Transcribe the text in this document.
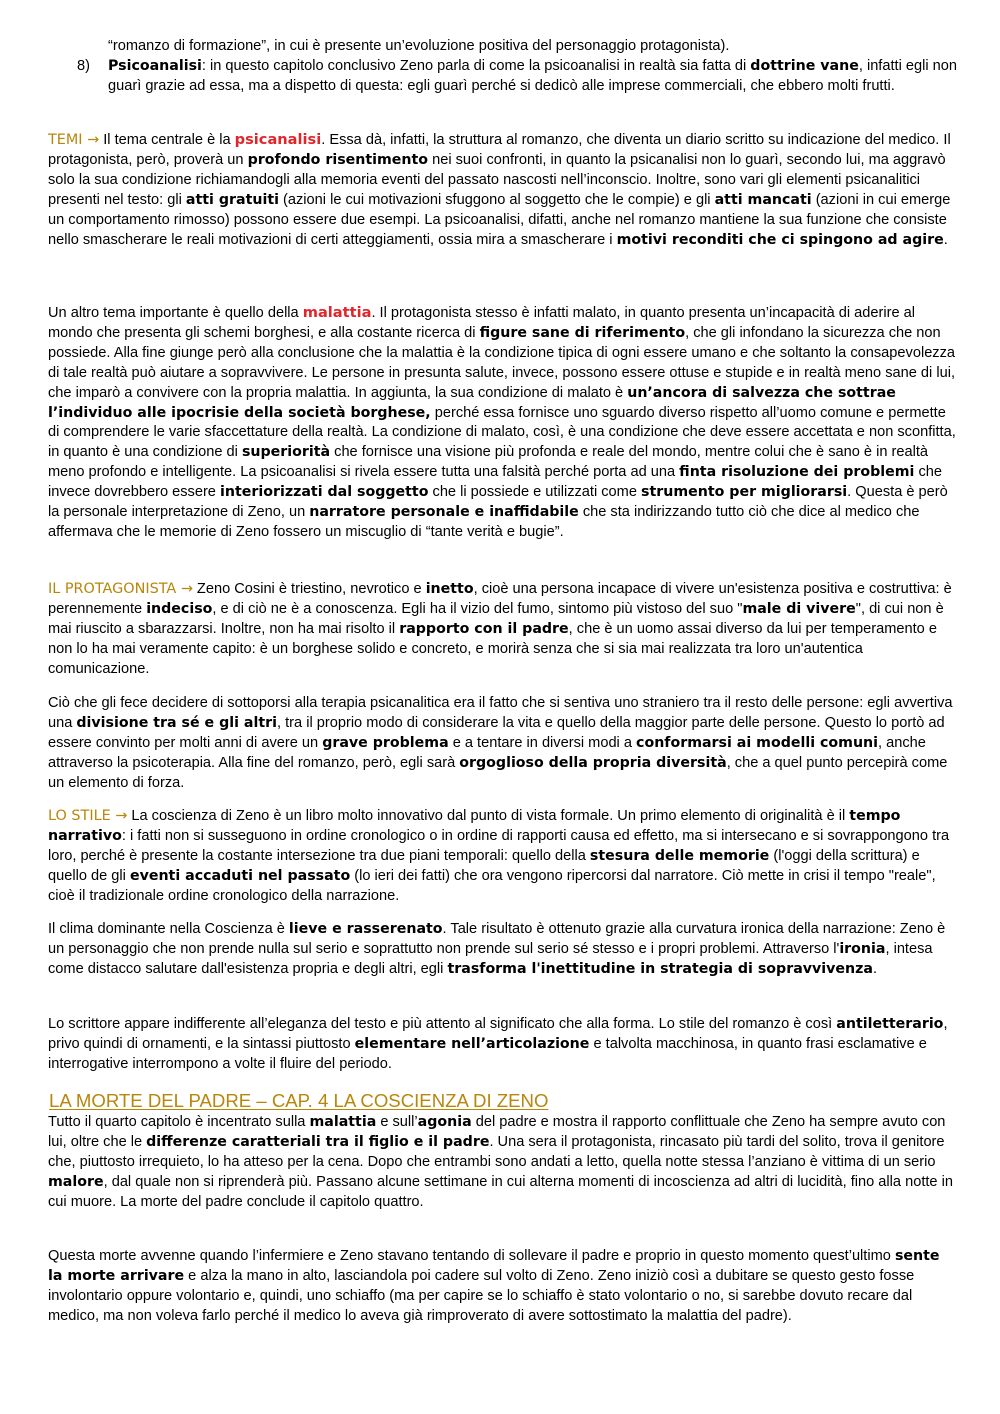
“romanzo di formazione”, in cui è presente un’evoluzione positiva del personaggio protagonista).

8) Psicoanalisi: in questo capitolo conclusivo Zeno parla di come la psicoanalisi in realtà sia fatta di dottrine vane, infatti egli non guarì grazie ad essa, ma a dispetto di questa: egli guarì perché si dedicò alle imprese commerciali, che ebbero molti frutti.

TEMI → Il tema centrale è la psicanalisi. Essa dà, infatti, la struttura al romanzo, che diventa un diario scritto su indicazione del medico. Il protagonista, però, proverà un profondo risentimento nei suoi confronti, in quanto la psicanalisi non lo guarì, secondo lui, ma aggravò solo la sua condizione richiamandogli alla memoria eventi del passato nascosti nell’inconscio. Inoltre, sono vari gli elementi psicanalitici presenti nel testo: gli atti gratuiti (azioni le cui motivazioni sfuggono al soggetto che le compie) e gli atti mancati (azioni in cui emerge un comportamento rimosso) possono essere due esempi. La psicoanalisi, difatti, anche nel romanzo mantiene la sua funzione che consiste nello smascherare le reali motivazioni di certi atteggiamenti, ossia mira a smascherare i motivi reconditi che ci spingono ad agire.

Un altro tema importante è quello della malattia. Il protagonista stesso è infatti malato, in quanto presenta un’incapacità di aderire al mondo che presenta gli schemi borghesi, e alla costante ricerca di figure sane di riferimento, che gli infondano la sicurezza che non possiede. Alla fine giunge però alla conclusione che la malattia è la condizione tipica di ogni essere umano e che soltanto la consapevolezza di tale realtà può aiutare a sopravvivere. Le persone in presunta salute, invece, possono essere ottuse e stupide e in realtà meno sane di lui, che imparò a convivere con la propria malattia. In aggiunta, la sua condizione di malato è un’ancora di salvezza che sottrae l’individuo alle ipocrisie della società borghese, perché essa fornisce uno sguardo diverso rispetto all’uomo comune e permette di comprendere le varie sfaccettature della realtà. La condizione di malato, così, è una condizione che deve essere accettata e non sconfitta, in quanto è una condizione di superiorità che fornisce una visione più profonda e reale del mondo, mentre colui che è sano è in realtà meno profondo e intelligente. La psicoanalisi si rivela essere tutta una falsità perché porta ad una finta risoluzione dei problemi che invece dovrebbero essere interiorizzati dal soggetto che li possiede e utilizzati come strumento per migliorarsi. Questa è però la personale interpretazione di Zeno, un narratore personale e inaffidabile che sta indirizzando tutto ciò che dice al medico che affermava che le memorie di Zeno fossero un miscuglio di “tante verità e bugie”.

IL PROTAGONISTA → Zeno Cosini è triestino, nevrotico e inetto, cioè una persona incapace di vivere un'esistenza positiva e costruttiva: è perennemente indeciso, e di ciò ne è a conoscenza. Egli ha il vizio del fumo, sintomo più vistoso del suo "male di vivere", di cui non è mai riuscito a sbarazzarsi. Inoltre, non ha mai risolto il rapporto con il padre, che è un uomo assai diverso da lui per temperamento e non lo ha mai veramente capito: è un borghese solido e concreto, e morirà senza che si sia mai realizzata tra loro un'autentica comunicazione.

Ciò che gli fece decidere di sottoporsi alla terapia psicanalitica era il fatto che si sentiva uno straniero tra il resto delle persone: egli avvertiva una divisione tra sé e gli altri, tra il proprio modo di considerare la vita e quello della maggior parte delle persone. Questo lo portò ad essere convinto per molti anni di avere un grave problema e a tentare in diversi modi a conformarsi ai modelli comuni, anche attraverso la psicoterapia. Alla fine del romanzo, però, egli sarà orgoglioso della propria diversità, che a quel punto percepirà come un elemento di forza.

LO STILE → La coscienza di Zeno è un libro molto innovativo dal punto di vista formale. Un primo elemento di originalità è il tempo narrativo: i fatti non si susseguono in ordine cronologico o in ordine di rapporti causa ed effetto, ma si intersecano e si sovrappongono tra loro, perché è presente la costante intersezione tra due piani temporali: quello della stesura delle memorie (l'oggi della scrittura) e quello de gli eventi accaduti nel passato (lo ieri dei fatti) che ora vengono ripercorsi dal narratore. Ciò mette in crisi il tempo "reale", cioè il tradizionale ordine cronologico della narrazione.

Il clima dominante nella Coscienza è lieve e rasserenato. Tale risultato è ottenuto grazie alla curvatura ironica della narrazione: Zeno è un personaggio che non prende nulla sul serio e soprattutto non prende sul serio sé stesso e i propri problemi. Attraverso l'ironia, intesa come distacco salutare dall'esistenza propria e degli altri, egli trasforma l'inettitudine in strategia di sopravvivenza.

Lo scrittore appare indifferente all’eleganza del testo e più attento al significato che alla forma. Lo stile del romanzo è così antiletterario, privo quindi di ornamenti, e la sintassi piuttosto elementare nell’articolazione e talvolta macchinosa, in quanto frasi esclamative e interrogative interrompono a volte il fluire del periodo.

LA MORTE DEL PADRE – CAP. 4 LA COSCIENZA DI ZENO

Tutto il quarto capitolo è incentrato sulla malattia e sull’agonia del padre e mostra il rapporto conflittuale che Zeno ha sempre avuto con lui, oltre che le differenze caratteriali tra il figlio e il padre. Una sera il protagonista, rincasato più tardi del solito, trova il genitore che, piuttosto irrequieto, lo ha atteso per la cena. Dopo che entrambi sono andati a letto, quella notte stessa l’anziano è vittima di un serio malore, dal quale non si riprenderà più. Passano alcune settimane in cui alterna momenti di incoscienza ad altri di lucidità, fino alla notte in cui muore. La morte del padre conclude il capitolo quattro.

Questa morte avvenne quando l’infermiere e Zeno stavano tentando di sollevare il padre e proprio in questo momento quest’ultimo sente la morte arrivare e alza la mano in alto, lasciandola poi cadere sul volto di Zeno. Zeno iniziò così a dubitare se questo gesto fosse involontario oppure volontario e, quindi, uno schiaffo (ma per capire se lo schiaffo è stato volontario o no, si sarebbe dovuto recare dal medico, ma non voleva farlo perché il medico lo aveva già rimproverato di avere sottostimato la malattia del padre).
